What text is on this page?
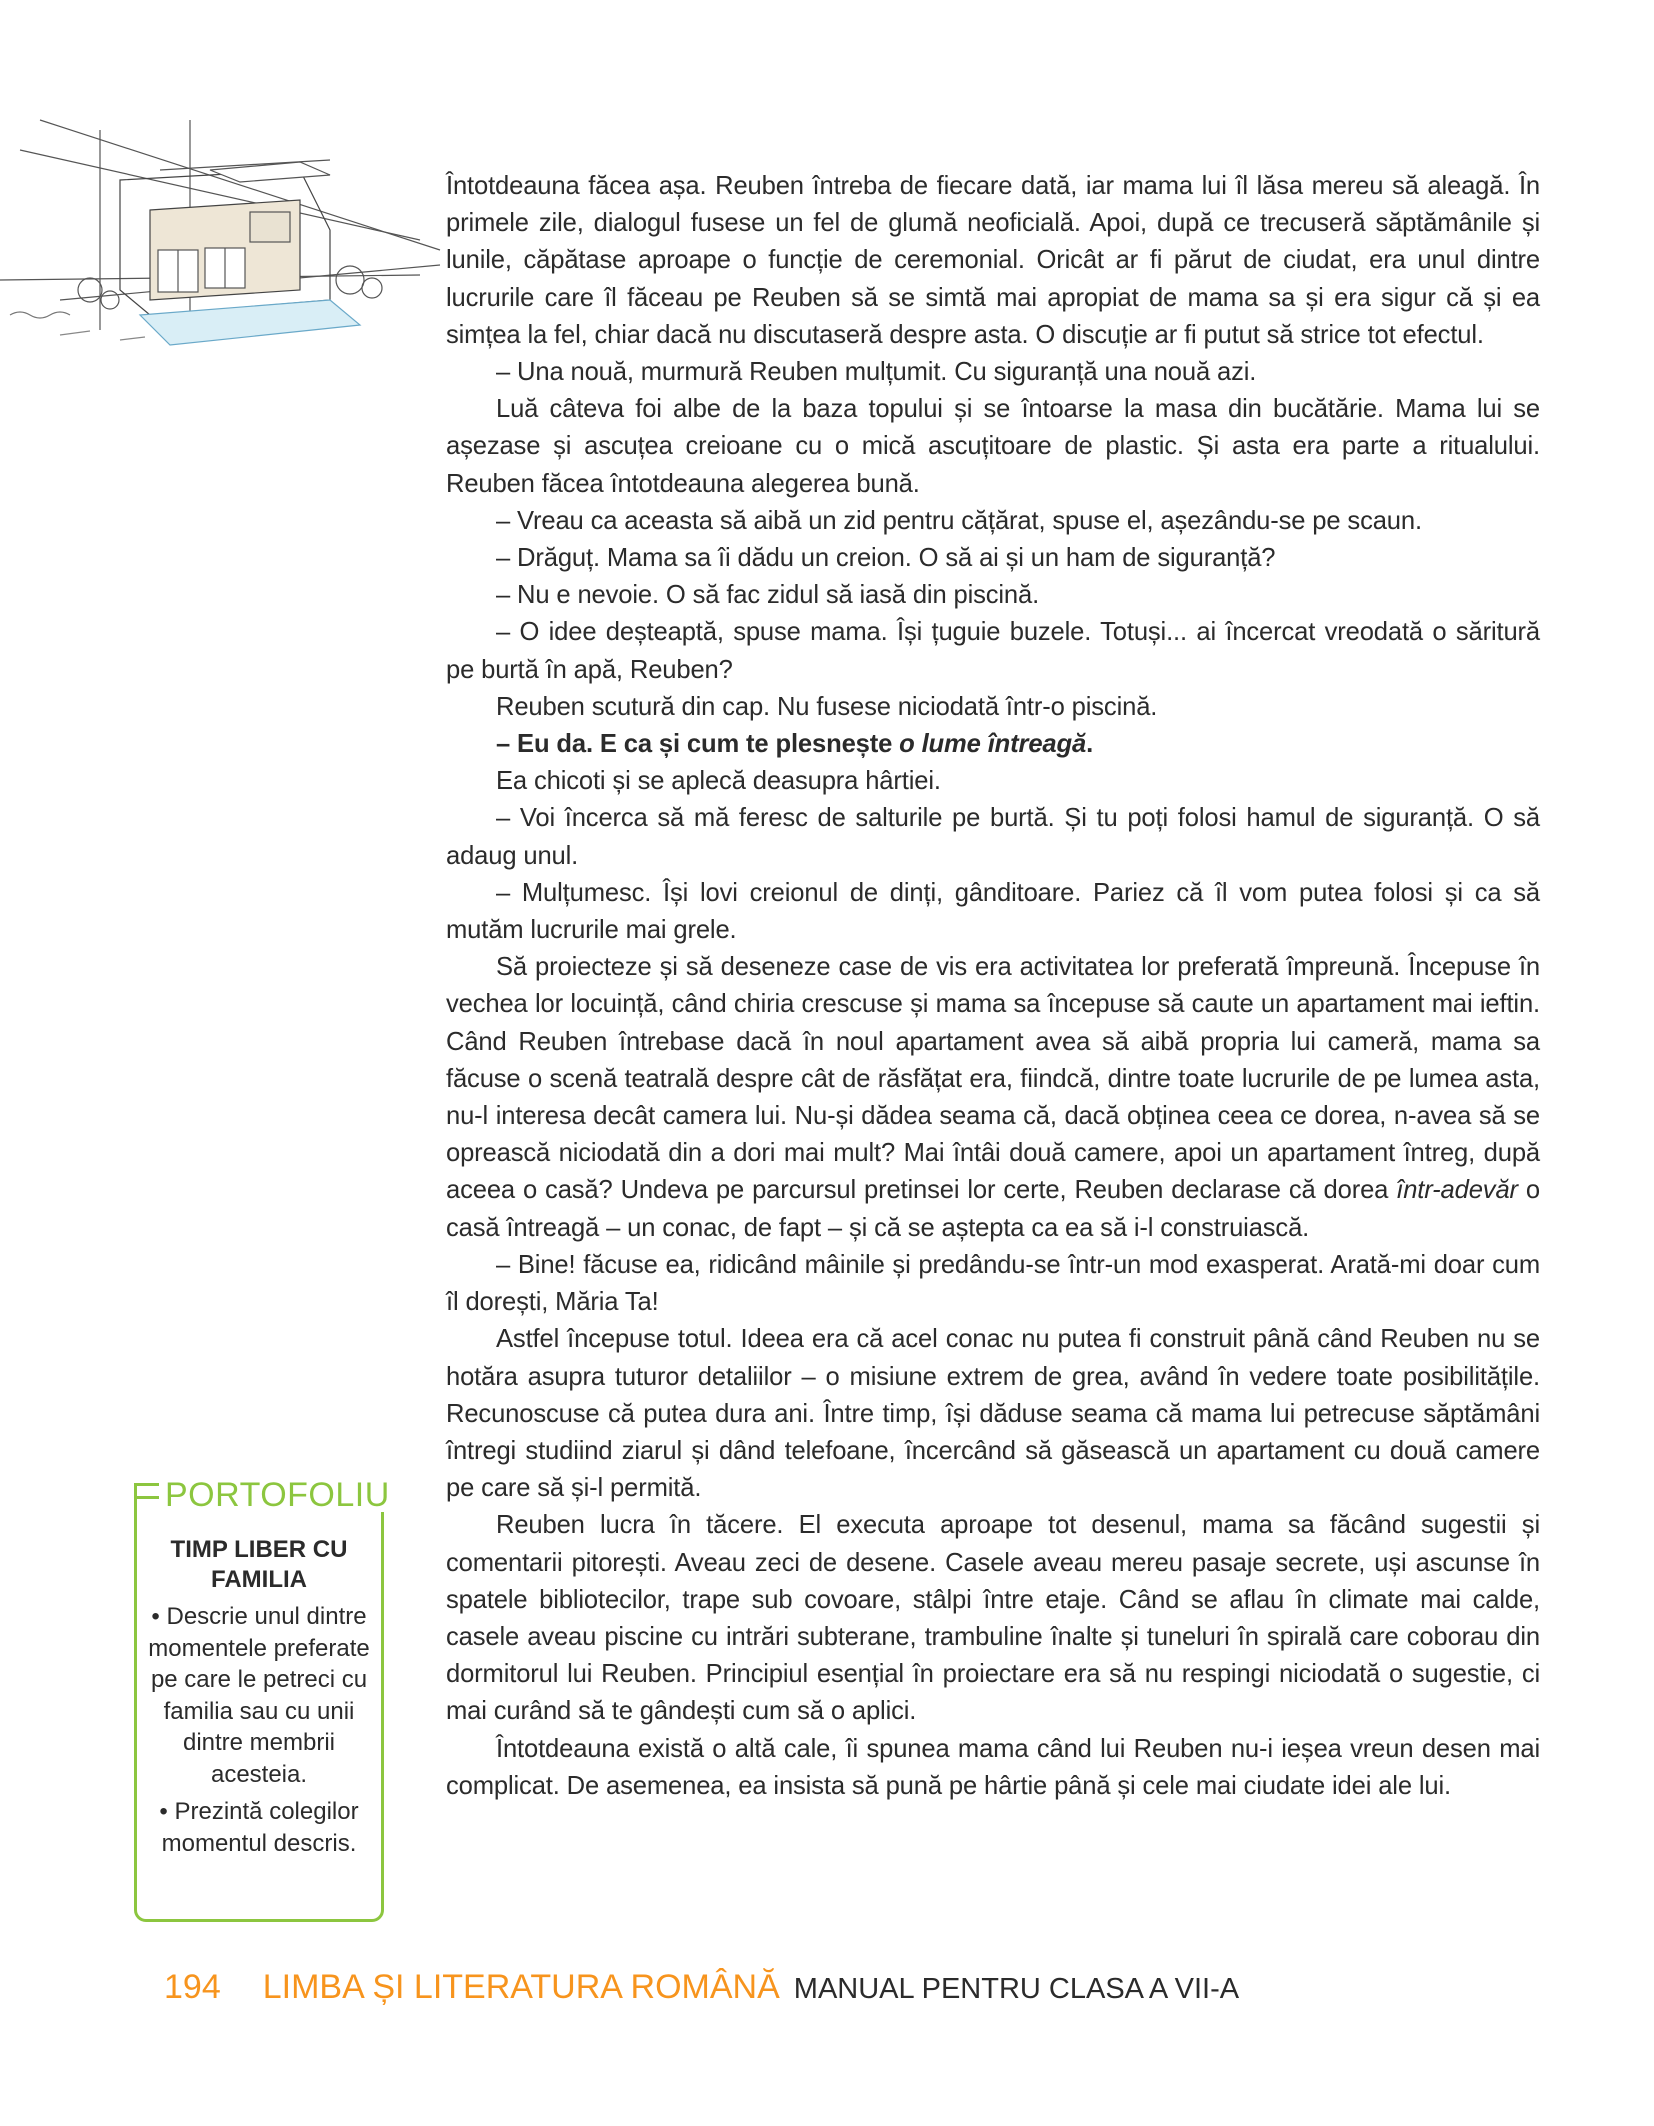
Întotdeauna făcea așa. Reuben întreba de fiecare dată, iar mama lui îl lăsa mereu să aleagă. În primele zile, dialogul fusese un fel de glumă neoficială. Apoi, după ce trecuseră săptămânile și lunile, căpătase aproape o funcție de ceremonial. Oricât ar fi părut de ciudat, era unul dintre lucrurile care îl făceau pe Reuben să se simtă mai apropiat de mama sa și era sigur că și ea simțea la fel, chiar dacă nu discutaseră despre asta. O discuție ar fi putut să strice tot efectul.

– Una nouă, murmură Reuben mulțumit. Cu siguranță una nouă azi.

Luă câteva foi albe de la baza topului și se întoarse la masa din bucătărie. Mama lui se așezase și ascuțea creioane cu o mică ascuțitoare de plastic. Și asta era parte a ritualului. Reuben făcea întotdeauna alegerea bună.

– Vreau ca aceasta să aibă un zid pentru cățărat, spuse el, așezându-se pe scaun.

– Drăguț. Mama sa îi dădu un creion. O să ai și un ham de siguranță?

– Nu e nevoie. O să fac zidul să iasă din piscină.

– O idee deșteaptă, spuse mama. Își țuguie buzele. Totuși... ai încercat vreodată o săritură pe burtă în apă, Reuben?

Reuben scutură din cap. Nu fusese niciodată într-o piscină.

– Eu da. E ca și cum te plesnește o lume întreagă.

Ea chicoti și se aplecă deasupra hârtiei.

– Voi încerca să mă feresc de salturile pe burtă. Și tu poți folosi hamul de siguranță. O să adaug unul.

– Mulțumesc. Își lovi creionul de dinți, gânditoare. Pariez că îl vom putea folosi și ca să mutăm lucrurile mai grele.

Să proiecteze și să deseneze case de vis era activitatea lor preferată împreună. Începuse în vechea lor locuință, când chiria crescuse și mama sa începuse să caute un apartament mai ieftin. Când Reuben întrebase dacă în noul apartament avea să aibă propria lui cameră, mama sa făcuse o scenă teatrală despre cât de răsfățat era, fiindcă, dintre toate lucrurile de pe lumea asta, nu-l interesa decât camera lui. Nu-și dădea seama că, dacă obținea ceea ce dorea, n-avea să se oprească niciodată din a dori mai mult? Mai întâi două camere, apoi un apartament întreg, după aceea o casă? Undeva pe parcursul pretinsei lor certe, Reuben declarase că dorea într-adevăr o casă întreagă – un conac, de fapt – și că se aștepta ca ea să i-l construiască.

– Bine! făcuse ea, ridicând mâinile și predându-se într-un mod exasperat. Arată-mi doar cum îl dorești, Măria Ta!

Astfel începuse totul. Ideea era că acel conac nu putea fi construit până când Reuben nu se hotăra asupra tuturor detaliilor – o misiune extrem de grea, având în vedere toate posibilitățile. Recunoscuse că putea dura ani. Între timp, își dăduse seama că mama lui petrecuse săptămâni întregi studiind ziarul și dând telefoane, încercând să găsească un apartament cu două camere pe care să și-l permită.

Reuben lucra în tăcere. El executa aproape tot desenul, mama sa făcând sugestii și comentarii pitorești. Aveau zeci de desene. Casele aveau mereu pasaje secrete, uși ascunse în spatele bibliotecilor, trape sub covoare, stâlpi între etaje. Când se aflau în climate mai calde, casele aveau piscine cu intrări subterane, trambuline înalte și tuneluri în spirală care coborau din dormitorul lui Reuben. Principiul esențial în proiectare era să nu respingi niciodată o sugestie, ci mai curând să te gândești cum să o aplici.

Întotdeauna există o altă cale, îi spunea mama când lui Reuben nu-i ieșea vreun desen mai complicat. De asemenea, ea insista să pună pe hârtie până și cele mai ciudate idei ale lui.

PORTOFOLIU
TIMP LIBER CU FAMILIA
• Descrie unul dintre momentele preferate pe care le petreci cu familia sau cu unii dintre membrii acesteia.
• Prezintă colegilor momentul descris.
194 LIMBA ȘI LITERATURA ROMÂNĂ MANUAL PENTRU CLASA A VII-A
